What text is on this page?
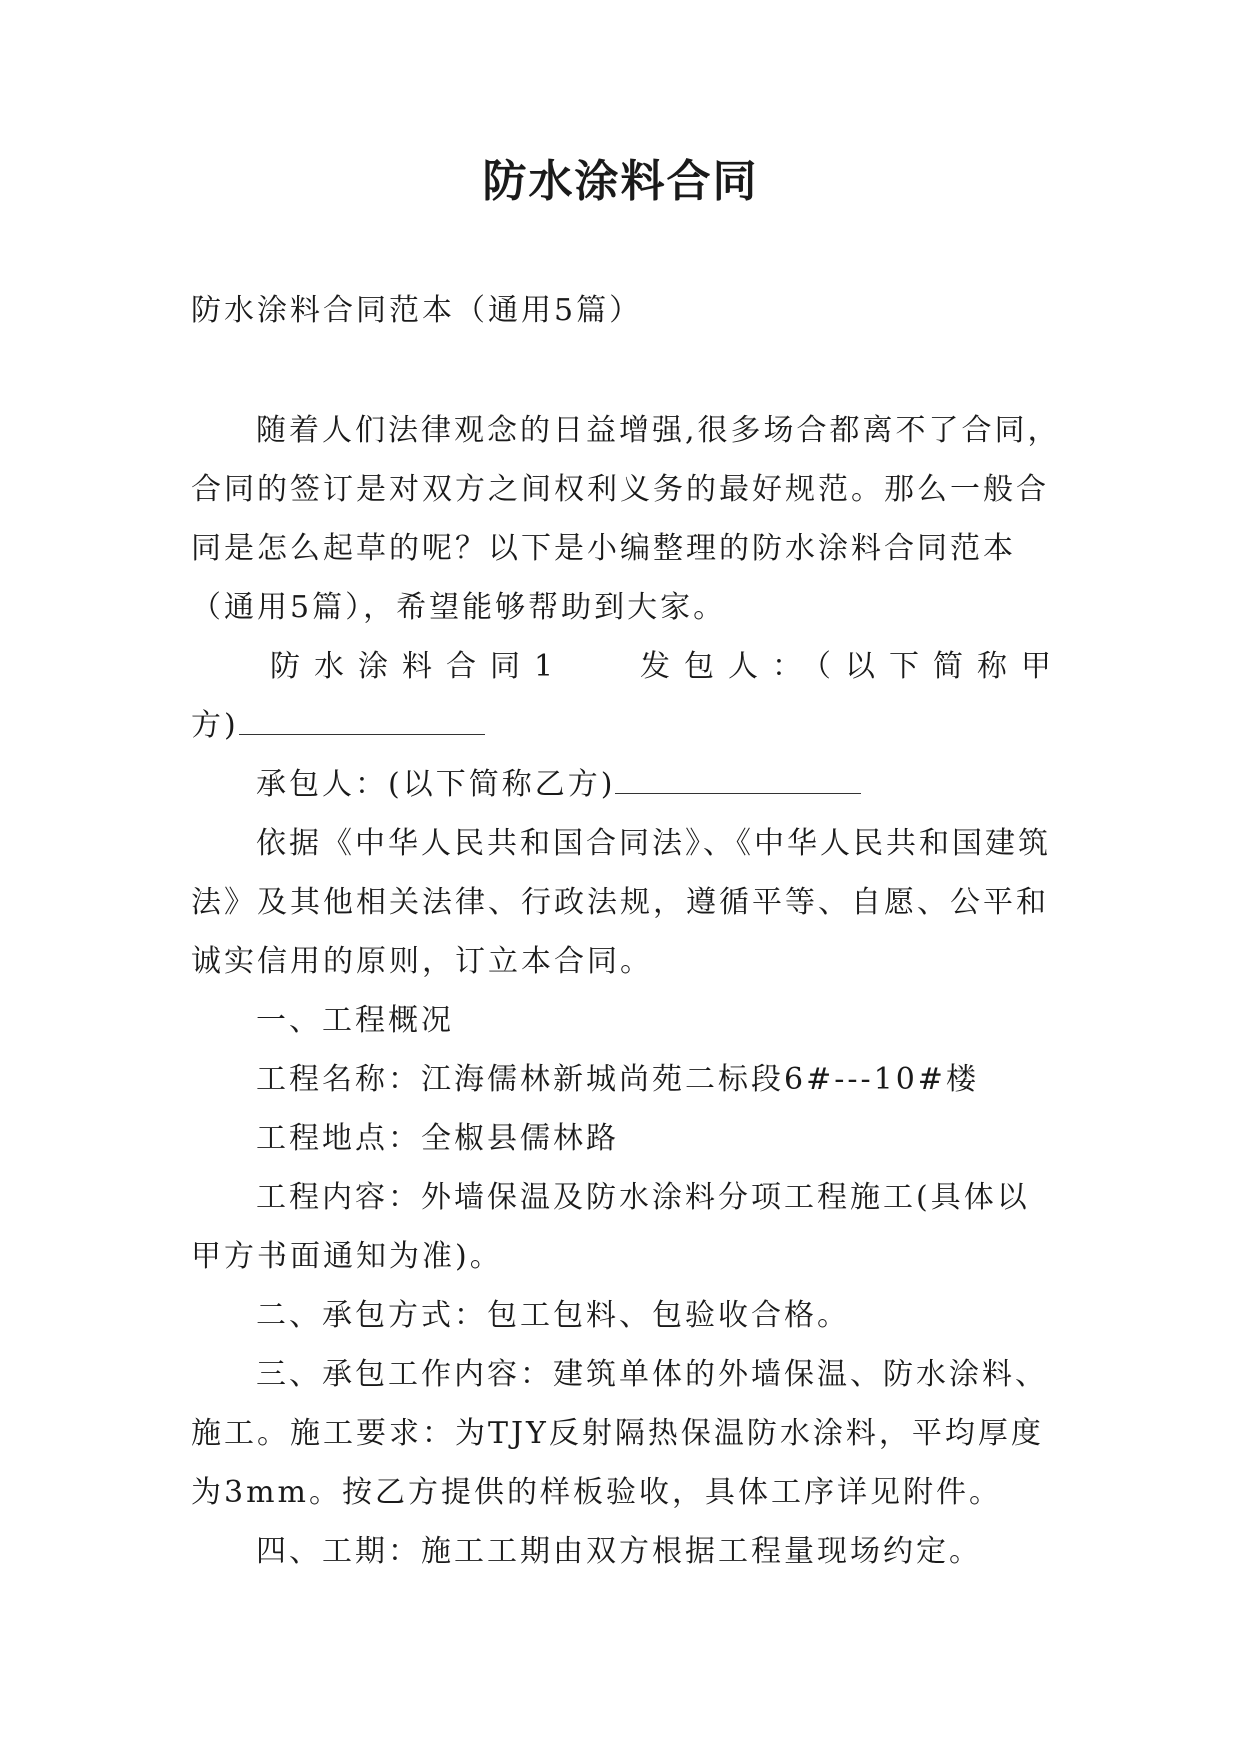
防水涂料合同
防水涂料合同范本（通用5篇）
随着人们法律观念的日益增强,很多场合都离不了合同，
合同的签订是对双方之间权利义务的最好规范。那么一般合
同是怎么起草的呢？以下是小编整理的防水涂料合同范本
（通用5篇），希望能够帮助到大家。
防水涂料合同1 发包人：（以下简称甲
方)
承包人：(以下简称乙方)
依据《中华人民共和国合同法》、《中华人民共和国建筑
法》及其他相关法律、行政法规，遵循平等、自愿、公平和
诚实信用的原则，订立本合同。
一、工程概况
工程名称：江海儒林新城尚苑二标段6#---10#楼
工程地点：全椒县儒林路
工程内容：外墙保温及防水涂料分项工程施工(具体以
甲方书面通知为准)。
二、承包方式：包工包料、包验收合格。
三、承包工作内容：建筑单体的外墙保温、防水涂料、
施工。施工要求：为TJY反射隔热保温防水涂料，平均厚度
为3mm。按乙方提供的样板验收，具体工序详见附件。
四、工期：施工工期由双方根据工程量现场约定。
